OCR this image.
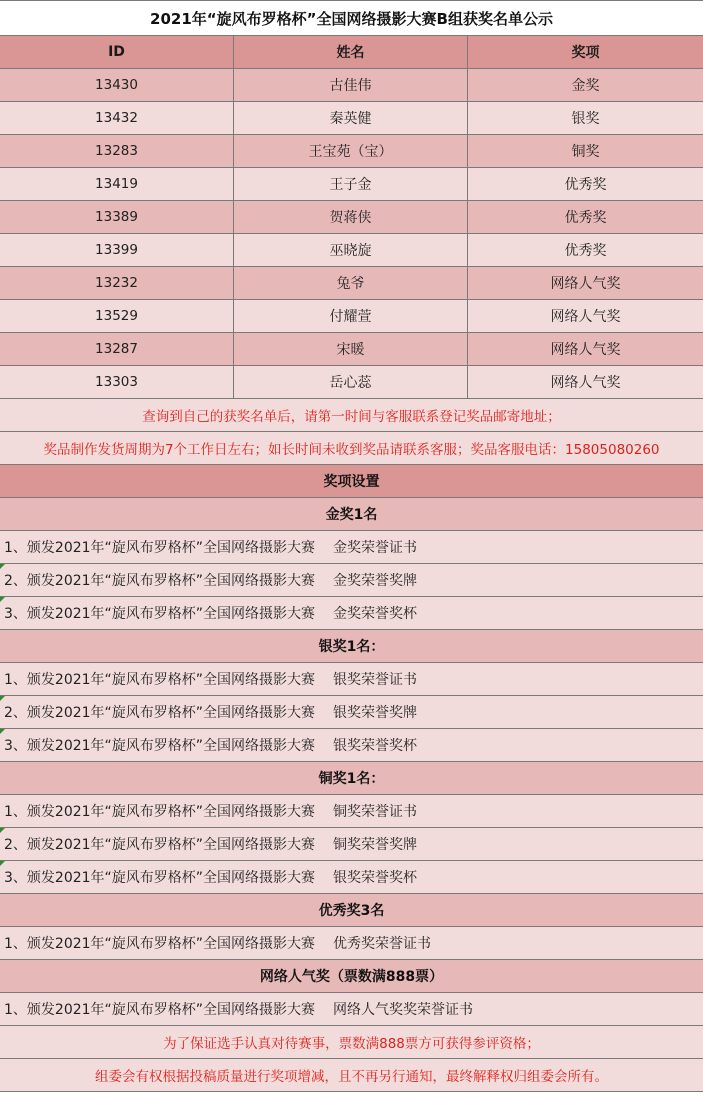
2021年“旋风布罗格杯”全国网络摄影大赛B组获奖名单公示
ID	姓名	奖项
13430	古佳伟	金奖
13432	秦英健	银奖
13283	王宝苑（宝）	铜奖
13419	王子金	优秀奖
13389	贺蒋侠	优秀奖
13399	巫晓旋	优秀奖
13232	兔爷	网络人气奖
13529	付耀萱	网络人气奖
13287	宋暖	网络人气奖
13303	岳心蕊	网络人气奖
查询到自己的获奖名单后，请第一时间与客服联系登记奖品邮寄地址；
奖品制作发货周期为7个工作日左右；如长时间未收到奖品请联系客服；奖品客服电话：15805080260
奖项设置
金奖1名
1、颁发2021年“旋风布罗格杯”全国网络摄影大赛 金奖荣誉证书
2、颁发2021年“旋风布罗格杯”全国网络摄影大赛 金奖荣誉奖牌
3、颁发2021年“旋风布罗格杯”全国网络摄影大赛 金奖荣誉奖杯
银奖1名：
1、颁发2021年“旋风布罗格杯”全国网络摄影大赛 银奖荣誉证书
2、颁发2021年“旋风布罗格杯”全国网络摄影大赛 银奖荣誉奖牌
3、颁发2021年“旋风布罗格杯”全国网络摄影大赛 银奖荣誉奖杯
铜奖1名：
1、颁发2021年“旋风布罗格杯”全国网络摄影大赛 铜奖荣誉证书
2、颁发2021年“旋风布罗格杯”全国网络摄影大赛 铜奖荣誉奖牌
3、颁发2021年“旋风布罗格杯”全国网络摄影大赛 银奖荣誉奖杯
优秀奖3名
1、颁发2021年“旋风布罗格杯”全国网络摄影大赛 优秀奖荣誉证书
网络人气奖（票数满888票）
1、颁发2021年“旋风布罗格杯”全国网络摄影大赛 网络人气奖奖荣誉证书
为了保证选手认真对待赛事，票数满888票方可获得参评资格；
组委会有权根据投稿质量进行奖项增减，且不再另行通知，最终解释权归组委会所有。
